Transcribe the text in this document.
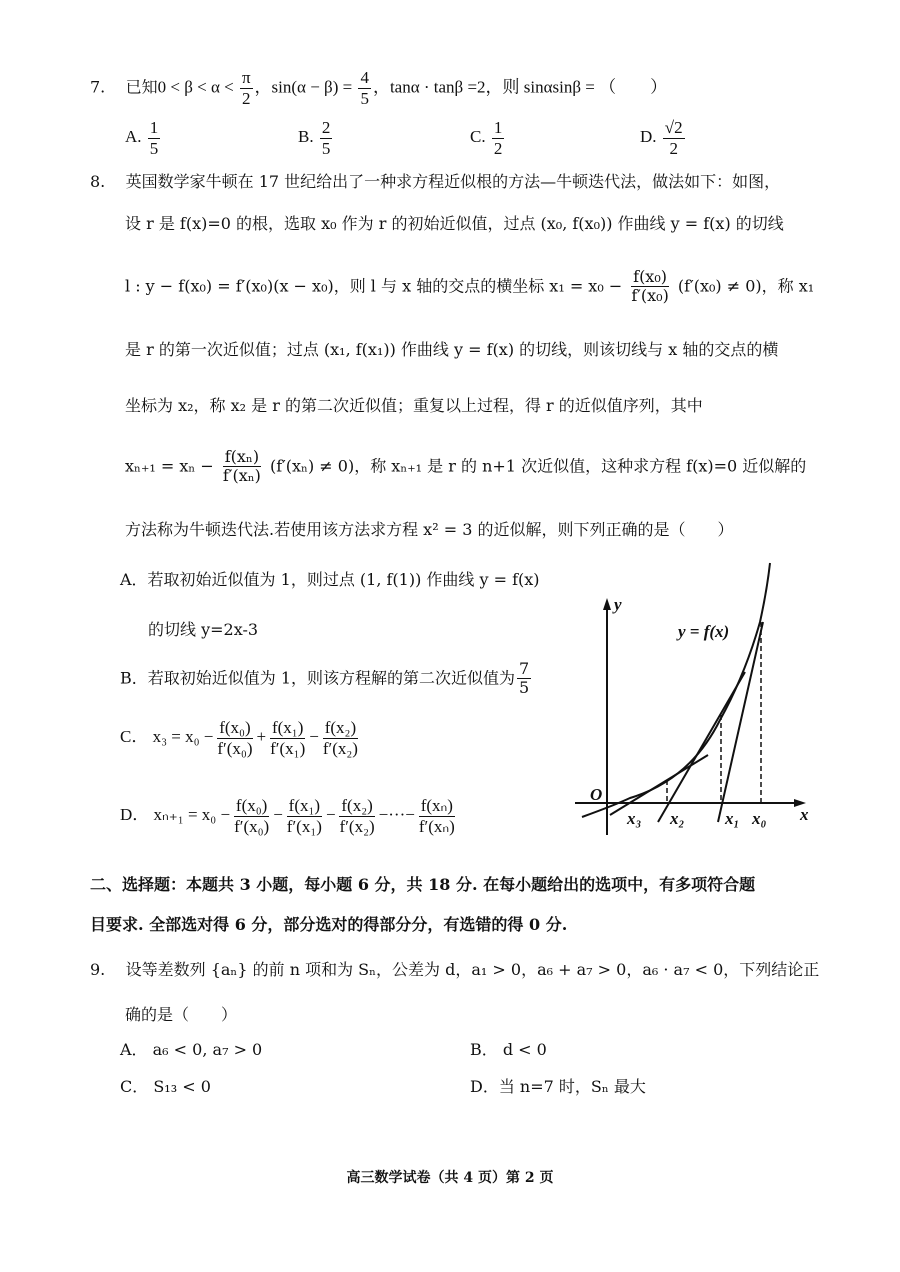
7. 已知$0 < \beta < \alpha < \frac{\pi}{2}$ ，$\sin(\alpha - \beta) = \frac{4}{5}$ ，tanα · tanβ =2，则 sinαsinβ = （　　）
A. $\frac{1}{5}$	B. $\frac{2}{5}$	C. $\frac{1}{2}$	D. $\frac{√2}{2}$
8. 英国数学家牛顿在 17 世纪给出了一种求方程近似根的方法—牛顿迭代法，做法如下：如图，
设 r 是 f(x)=0 的根，选取 x₀ 作为 r 的初始近似值，过点 (x₀, f(x₀)) 作曲线 y = f(x) 的切线
l : y − f(x₀) = f′(x₀)(x − x₀)，则 l 与 x 轴的交点的横坐标 $x_1 = x_0 - \frac{\text{f(x₀)}}{\text{f′(x₀)}} (f'(x_0) \ne 0)$，称 x₁
是 r 的第一次近似值；过点 (x₁, f(x₁)) 作曲线 y = f(x) 的切线，则该切线与 x 轴的交点的横
坐标为 x₂，称 x₂ 是 r 的第二次近似值；重复以上过程，得 r 的近似值序列，其中
$x_{n+1} = x_n - \frac{\text{f(xₙ)}}{\text{f′(xₙ)}} (f'(x_n) \ne 0)$，称 xₙ₊₁ 是 r 的 n+1 次近似值，这种求方程 f(x)=0 近似解的
方法称为牛顿迭代法.若使用该方法求方程 x² = 3 的近似解，则下列正确的是（　　）
A．若取初始近似值为 1，则过点 (1, f(1)) 作曲线 y = f(x)
的切线 y=2x-3
B．若取初始近似值为 1，则该方程解的第二次近似值为 $\frac{7}{5}$
C． $x_3 = x_0 - \frac{\text{f(x₀)}}{\text{f′(x₀)}} + \frac{\text{f(x₁)}}{\text{f′(x₁)}} - \frac{\text{f(x₂)}}{\text{f′(x₂)}}$
D． $x_{n+1} = x_0 - \frac{\text{f(x₀)}}{\text{f′(x₀)}} - \frac{\text{f(x₁)}}{\text{f′(x₁)}} - \frac{\text{f(x₂)}}{\text{f′(x₂)}}$ −···− $\frac{\text{f(xₙ)}}{\text{f′(xₙ)}}$
y
x
O
y = f(x)
x₀
x₁
x₂
x₃
二、选择题：本题共 3 小题，每小题 6 分，共 18 分. 在每小题给出的选项中，有多项符合题
目要求. 全部选对得 6 分，部分选对的得部分分，有选错的得 0 分.
9. 设等差数列 {aₙ} 的前 n 项和为 Sₙ，公差为 d，a₁ > 0，a₆ + a₇ > 0，a₆ · a₇ < 0，下列结论正
确的是（　　）
A． a₆ < 0, a₇ > 0	B． d < 0
C． S₁₃ < 0	D．当 n=7 时，Sₙ 最大
高三数学试卷（共 4 页）第 2 页
